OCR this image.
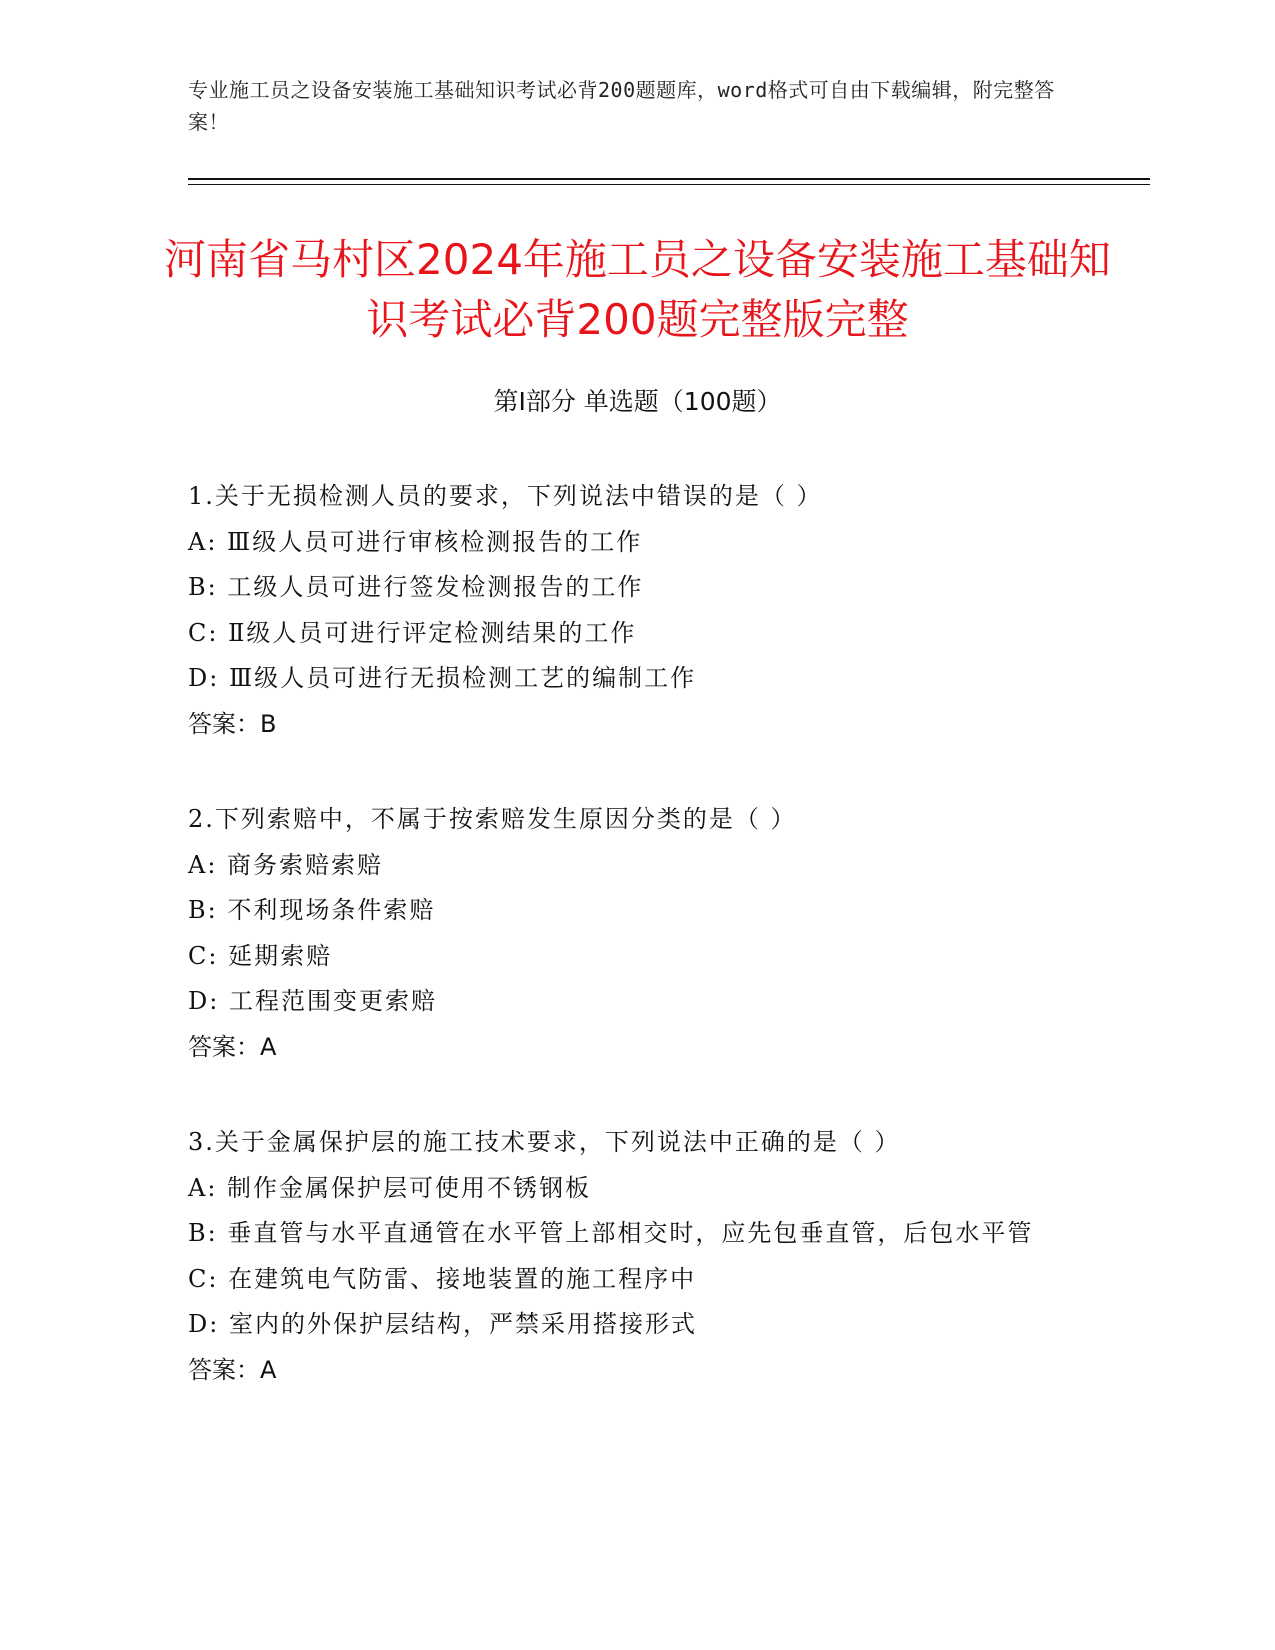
专业施工员之设备安装施工基础知识考试必背200题题库，word格式可自由下载编辑，附完整答案！
河南省马村区2024年施工员之设备安装施工基础知识考试必背200题完整版完整
第Ⅰ部分 单选题（100题）
1.关于无损检测人员的要求，下列说法中错误的是（ ）
A: Ⅲ级人员可进行审核检测报告的工作
B: 工级人员可进行签发检测报告的工作
C: Ⅱ级人员可进行评定检测结果的工作
D: Ⅲ级人员可进行无损检测工艺的编制工作
答案：B
2.下列索赔中，不属于按索赔发生原因分类的是（ ）
A: 商务索赔索赔
B: 不利现场条件索赔
C: 延期索赔
D: 工程范围变更索赔
答案：A
3.关于金属保护层的施工技术要求，下列说法中正确的是（ ）
A: 制作金属保护层可使用不锈钢板
B: 垂直管与水平直通管在水平管上部相交时，应先包垂直管，后包水平管
C: 在建筑电气防雷、接地装置的施工程序中
D: 室内的外保护层结构，严禁采用搭接形式
答案：A
